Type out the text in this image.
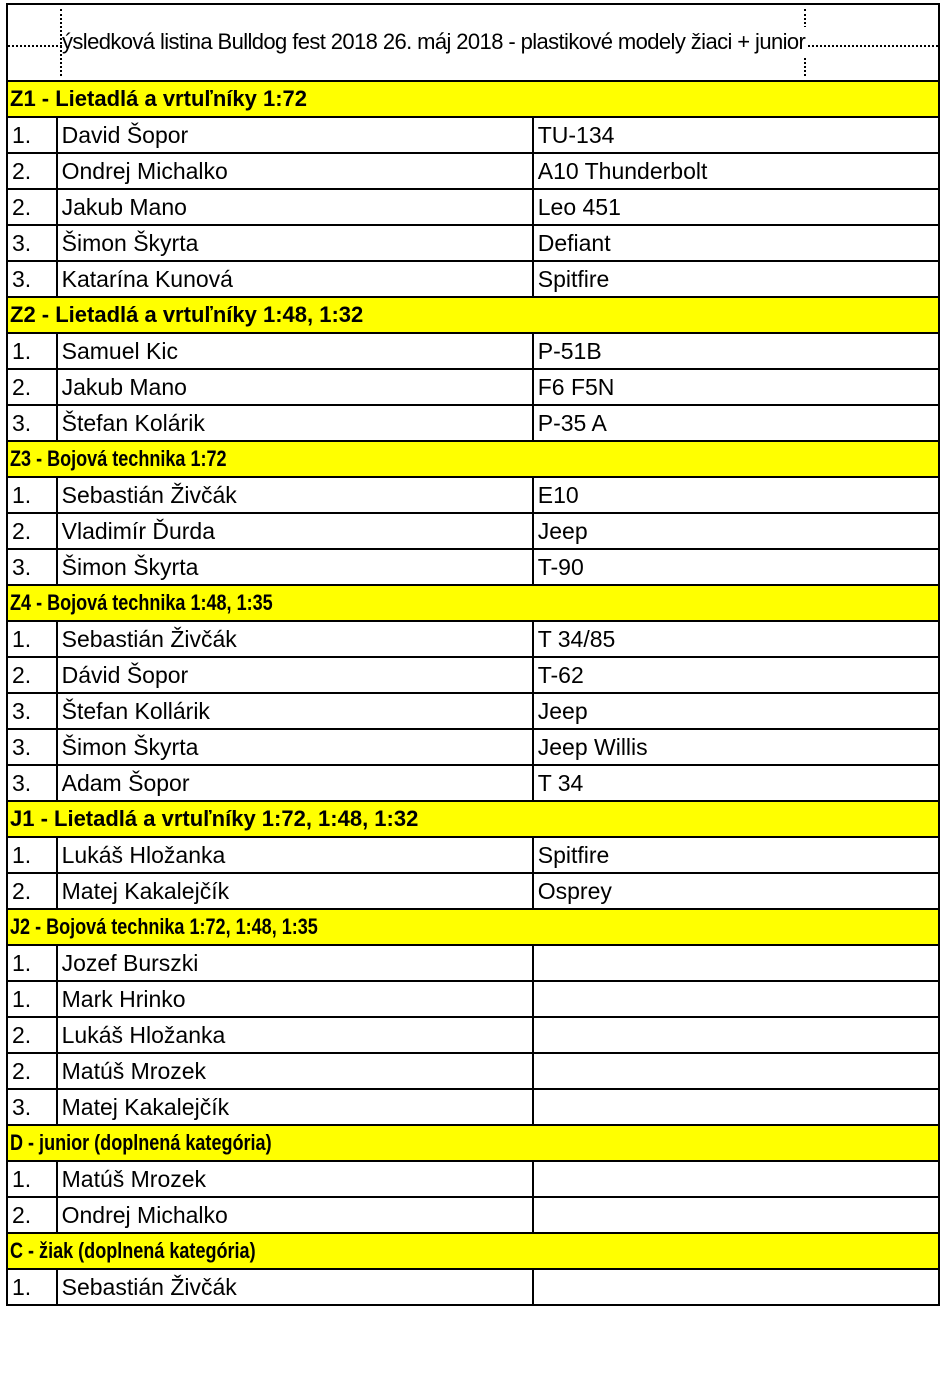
ýsledková listina Bulldog fest 2018 26. máj 2018 - plastikové modely žiaci + junior		

Z1 - Lietadlá a vrtuľníky 1:72		
1.	David Šopor	TU-134
2.	Ondrej Michalko	A10 Thunderbolt
2.	Jakub Mano	Leo 451
3.	Šimon Škyrta	Defiant
3.	Katarína Kunová	Spitfire
Z2 - Lietadlá a vrtuľníky 1:48, 1:32		
1.	Samuel Kic	P-51B
2.	Jakub Mano	F6 F5N
3.	Štefan Kolárik	P-35 A
Z3 - Bojová technika 1:72		
1.	Sebastián Živčák	E10
2.	Vladimír Ďurda	Jeep
3.	Šimon Škyrta	T-90
Z4 - Bojová technika 1:48, 1:35		
1.	Sebastián Živčák	T 34/85
2.	Dávid Šopor	T-62
3.	Štefan Kollárik	Jeep
3.	Šimon Škyrta	Jeep Willis
3.	Adam Šopor	T 34
J1 - Lietadlá a vrtuľníky 1:72, 1:48, 1:32		
1.	Lukáš Hložanka	Spitfire
2.	Matej Kakalejčík	Osprey
J2 - Bojová technika 1:72, 1:48, 1:35		
1.	Jozef Burszki	
1.	Mark Hrinko	
2.	Lukáš Hložanka	
2.	Matúš Mrozek	
3.	Matej Kakalejčík	
D - junior (doplnená kategória)		
1.	Matúš Mrozek	
2.	Ondrej Michalko	
C - žiak (doplnená kategória)		
1.	Sebastián Živčák	
